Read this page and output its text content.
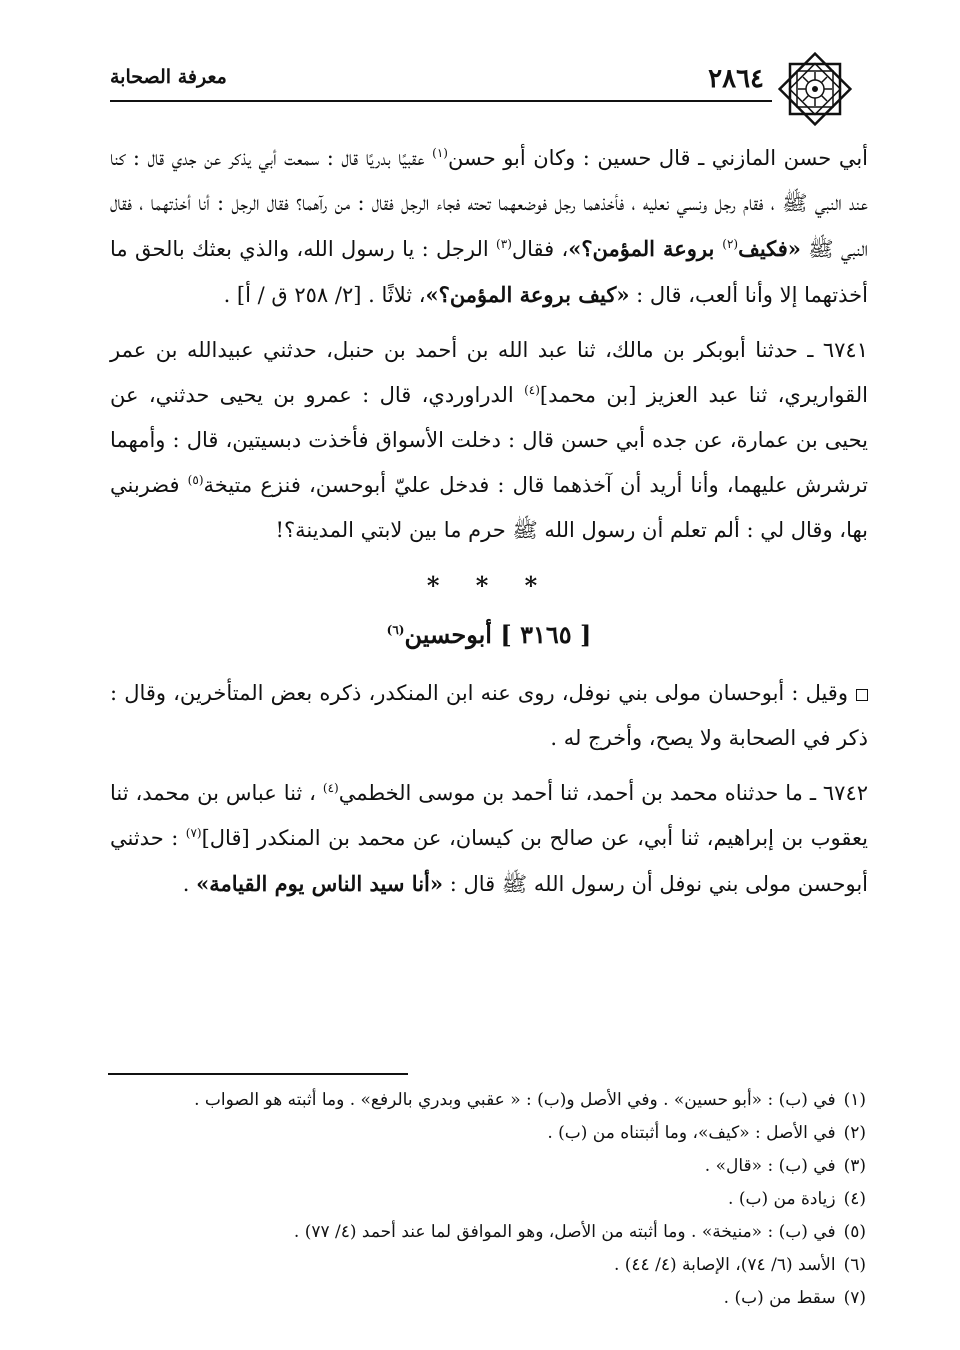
٢٨٦٤
معرفة الصحابة

أبي حسن المازني ـ قال حسين : وكان أبو حسن$^{(١)}$ عقبيًا بدريًا قال : سمعت أبي يذكر عن جدي قال : كنا عند النبي ﷺ ، فقام رجل ونسي نعليه ، فأخذهما رجل فوضعهما تحته فجاء الرجل فقال : من رآهما؟ فقال الرجل : أنا أخذتهما ، فقال النبي ﷺ «فكيف$^{(٢)}$ بروعة المؤمن؟»، فقال$^{(٣)}$ الرجل : يا رسول الله، والذي بعثك بالحق ما أخذتهما إلا وأنا ألعب، قال : «كيف بروعة المؤمن؟»، ثلاثًا . [٢/ ٢٥٨ ق / أ] .

٦٧٤١ ـ حدثنا أبوبكر بن مالك، ثنا عبد الله بن أحمد بن حنبل، حدثني عبيدالله بن عمر القواريري، ثنا عبد العزيز [بن محمد]$^{(٤)}$ الدراوردي، قال : عمرو بن يحيى حدثني، عن يحيى بن عمارة، عن جده أبي حسن قال : دخلت الأسواق فأخذت دبسيتين، قال : وأمهما ترشرش عليهما، وأنا أريد أن آخذهما قال : فدخل عليّ أبوحسن، فنزع متيخة$^{(٥)}$ فضربني بها، وقال لي : ألم تعلم أن رسول الله ﷺ حرم ما بين لابتي المدينة؟!

* * *
[ ٣١٦٥ ] أبوحسين$^{(٦)}$

وقيل : أبوحسان مولى بني نوفل، روى عنه ابن المنكدر، ذكره بعض المتأخرين، وقال : ذكر في الصحابة ولا يصح، وأخرج له .

٦٧٤٢ ـ ما حدثناه محمد بن أحمد، ثنا أحمد بن موسى الخطمي$^{(٤)}$ ، ثنا عباس بن محمد، ثنا يعقوب بن إبراهيم، ثنا أبي، عن صالح بن كيسان، عن محمد بن المنكدر [قال]$^{(٧)}$ : حدثني أبوحسن مولى بني نوفل أن رسول الله ﷺ قال : «أنا سيد الناس يوم القيامة» .

(١)في (ب) : «أبو حسين» . وفي الأصل و(ب) : « عقبي وبدري بالرفع» . وما أثبته هو الصواب .
(٢)في الأصل : «كيف»، وما أثبتناه من (ب) .
(٣)في (ب) : «قال» .
(٤)زيادة من (ب) .
(٥)في (ب) : «منيخة» . وما أثبته من الأصل، وهو الموافق لما عند أحمد (٤/ ٧٧) .
(٦)الأسد (٦/ ٧٤)، الإصابة (٤/ ٤٤) .
(٧)سقط من (ب) .
